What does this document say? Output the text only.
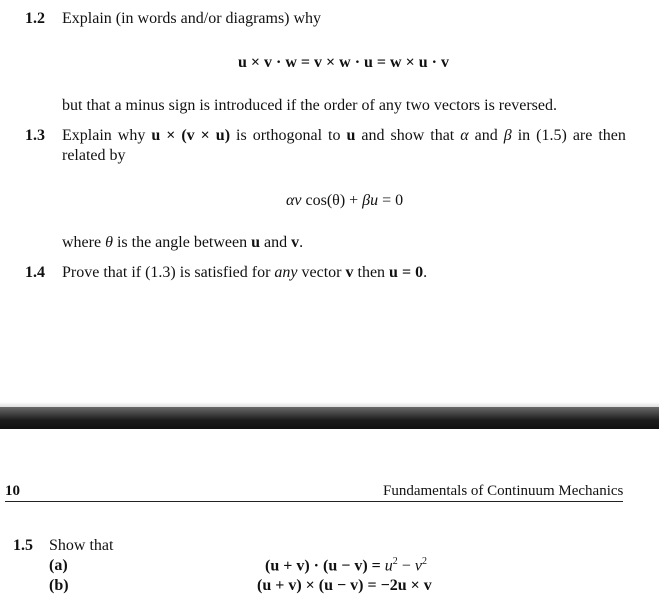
1.2 Explain (in words and/or diagrams) why
u × v · w = v × w · u = w × u · v
but that a minus sign is introduced if the order of any two vectors is reversed.
1.3 Explain why u × (v × u) is orthogonal to u and show that α and β in (1.5) are then
related by
αv cos(θ) + βu = 0
where θ is the angle between u and v.
1.4 Prove that if (1.3) is satisfied for any vector v then u = 0.
10	Fundamentals of Continuum Mechanics
1.5 Show that
(a)	$(u + v) \cdot (u - v) = u^2 - v^2$
(b)	(u + v) × (u − v) = −2u × v
